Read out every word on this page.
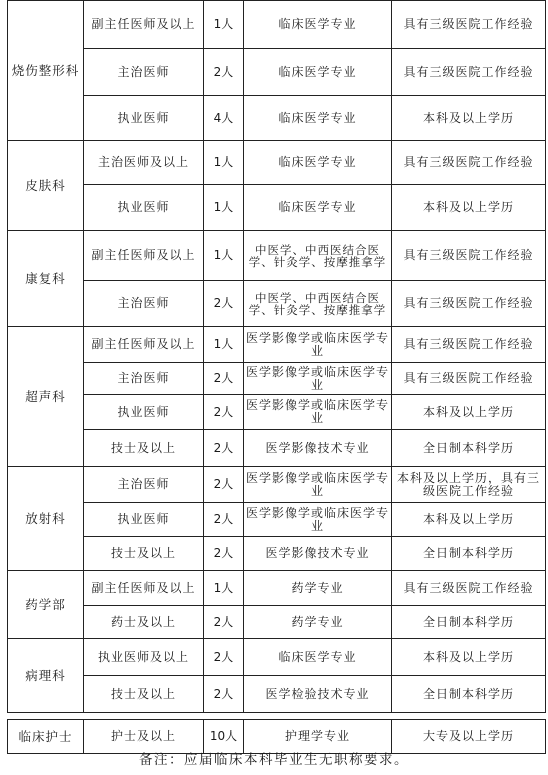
烧伤整形科	副主任医师及以上	1人	临床医学专业	具有三级医院工作经验
	主治医师	2人	临床医学专业	具有三级医院工作经验
	执业医师	4人	临床医学专业	本科及以上学历
皮肤科	主治医师及以上	1人	临床医学专业	具有三级医院工作经验
	执业医师	1人	临床医学专业	本科及以上学历
康复科	副主任医师及以上	1人	中医学、中西医结合医学、针灸学、按摩推拿学	具有三级医院工作经验
	主治医师	2人	中医学、中西医结合医学、针灸学、按摩推拿学	具有三级医院工作经验
超声科	副主任医师及以上	1人	医学影像学或临床医学专业	具有三级医院工作经验
	主治医师	2人	医学影像学或临床医学专业	具有三级医院工作经验
	执业医师	2人	医学影像学或临床医学专业	本科及以上学历
	技士及以上	2人	医学影像技术专业	全日制本科学历
放射科	主治医师	2人	医学影像学或临床医学专业	本科及以上学历，具有三级医院工作经验
	执业医师	2人	医学影像学或临床医学专业	本科及以上学历
	技士及以上	2人	医学影像技术专业	全日制本科学历
药学部	副主任医师及以上	1人	药学专业	具有三级医院工作经验
	药士及以上	2人	药学专业	全日制本科学历
病理科	执业医师及以上	2人	临床医学专业	本科及以上学历
	技士及以上	2人	医学检验技术专业	全日制本科学历

临床护士	护士及以上	10人	护理学专业	大专及以上学历
备注：应届临床本科毕业生无职称要求。
